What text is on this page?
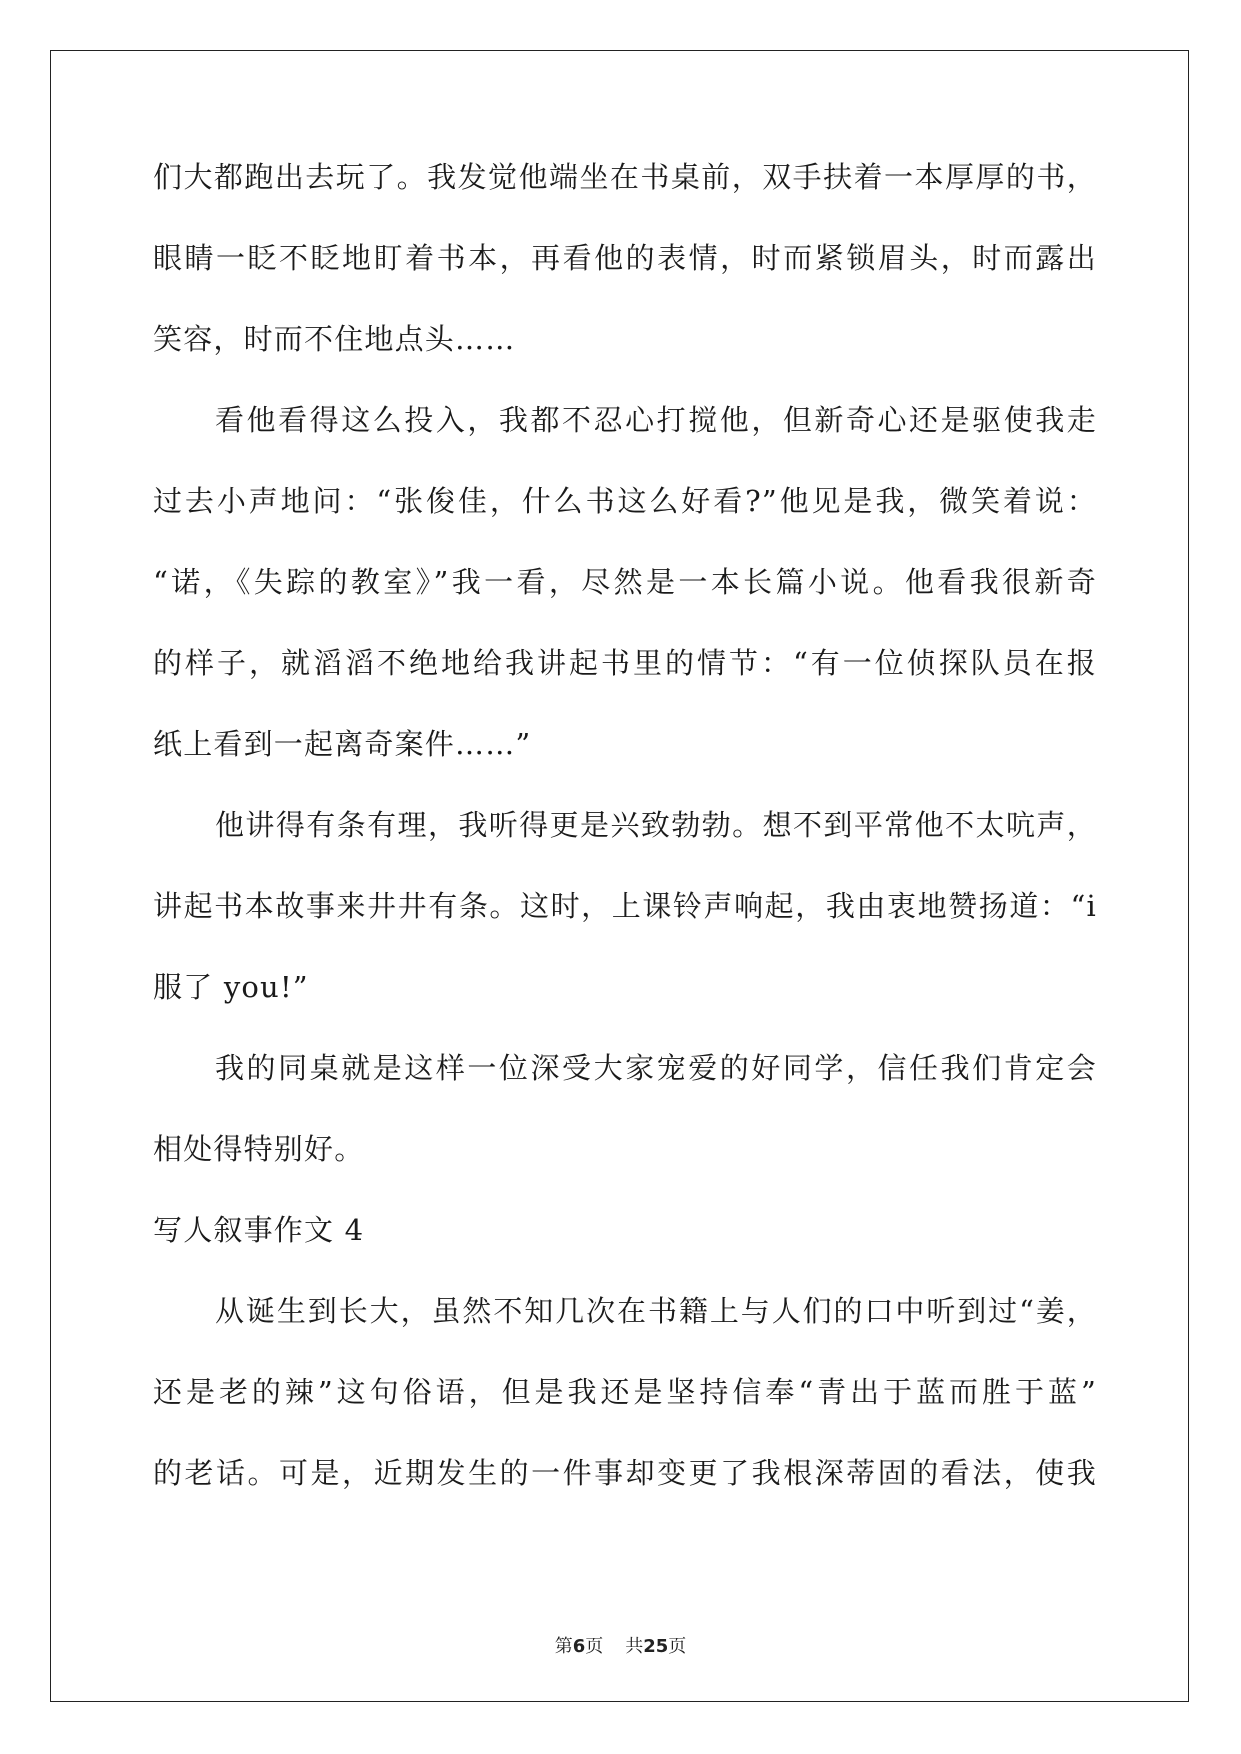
们大都跑出去玩了。我发觉他端坐在书桌前，双手扶着一本厚厚的书，
眼睛一眨不眨地盯着书本，再看他的表情，时而紧锁眉头，时而露出
笑容，时而不住地点头……
看他看得这么投入，我都不忍心打搅他，但新奇心还是驱使我走
过去小声地问：“张俊佳，什么书这么好看?”他见是我，微笑着说：
“诺，《失踪的教室》”我一看，尽然是一本长篇小说。他看我很新奇
的样子，就滔滔不绝地给我讲起书里的情节：“有一位侦探队员在报
纸上看到一起离奇案件……”
他讲得有条有理，我听得更是兴致勃勃。想不到平常他不太吭声，
讲起书本故事来井井有条。这时，上课铃声响起，我由衷地赞扬道：“i
服了 you!”
我的同桌就是这样一位深受大家宠爱的好同学，信任我们肯定会
相处得特别好。
写人叙事作文 4
从诞生到长大，虽然不知几次在书籍上与人们的口中听到过“姜，
还是老的辣”这句俗语，但是我还是坚持信奉“青出于蓝而胜于蓝”
的老话。可是，近期发生的一件事却变更了我根深蒂固的看法，使我
第6页 共25页
